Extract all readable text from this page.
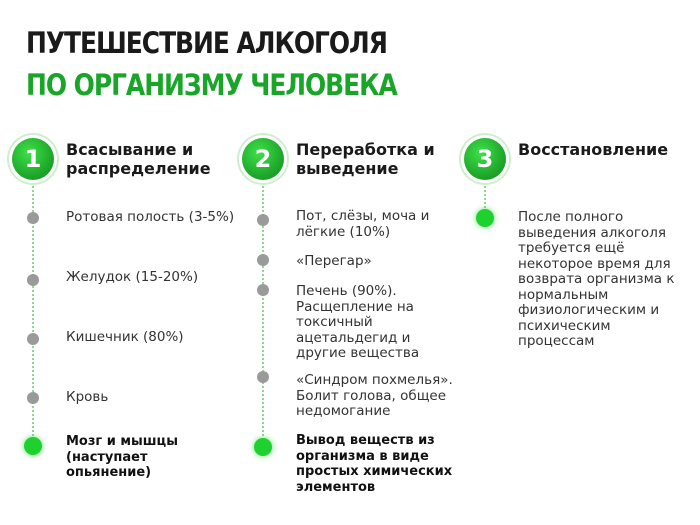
ПУТЕШЕСТВИЕ АЛКОГОЛЯ
ПО ОРГАНИЗМУ ЧЕЛОВЕКА
1	Всасывание и распределение
Ротовая полость (3-5%)
Желудок (15-20%)
Кишечник (80%)
Кровь
Мозг и мышцы (наступает опьянение)
2	Переработка и выведение
Пот, слёзы, моча и лёгкие (10%)
«Перегар»
Печень (90%). Расщепление на токсичный ацетальдегид и другие вещества
«Синдром похмелья». Болит голова, общее недомогание
Вывод веществ из организма в виде простых химических элементов
3	Восстановление
После полного выведения алкоголя требуется ещё некоторое время для возврата организма к нормальным физиологическим и психическим процессам
